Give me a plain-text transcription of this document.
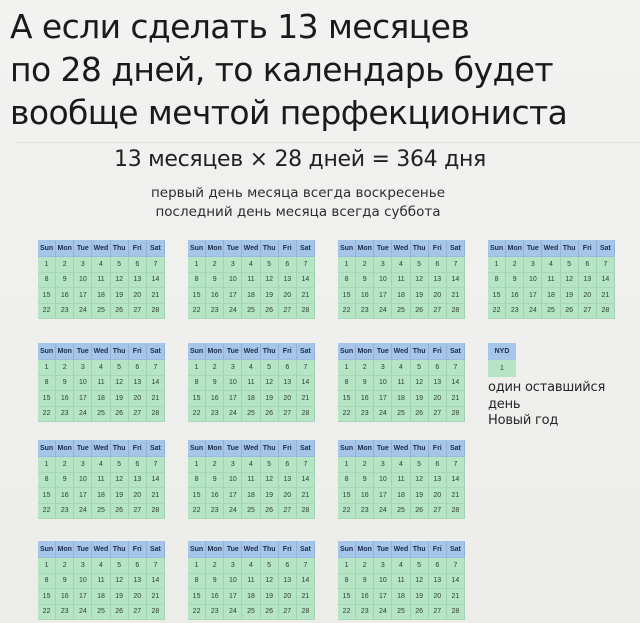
А если сделать 13 месяцев
по 28 дней, то календарь будет
вообще мечтой перфекциониста
13 месяцев × 28 дней = 364 дня
первый день месяца всегда воскресенье
последний день месяца всегда суббота
Sun Mon Tue Wed Thu	Fri	Sat
1	2	3	4	5	6	7
8	9	10	11	12	13	14
15	16	17	18	19	20	21
22	23	24	25	26	27	28
Sun Mon Tue Wed Thu	Fri	Sat
1	2	3	4	5	6	7
8	9	10	11	12	13	14
15	16	17	18	19	20	21
22	23	24	25	26	27	28
Sun Mon Tue Wed Thu	Fri	Sat
1	2	3	4	5	6	7
8	9	10	11	12	13	14
15	16	17	18	19	20	21
22	23	24	25	26	27	28
Sun Mon Tue Wed Thu	Fri	Sat
1	2	3	4	5	6	7
8	9	10	11	12	13	14
15	16	17	18	19	20	21
22	23	24	25	26	27	28
Sun Mon Tue Wed Thu	Fri	Sat
1	2	3	4	5	6	7
8	9	10	11	12	13	14
15	16	17	18	19	20	21
22	23	24	25	26	27	28
Sun Mon Tue Wed Thu	Fri	Sat
1	2	3	4	5	6	7
8	9	10	11	12	13	14
15	16	17	18	19	20	21
22	23	24	25	26	27	28
Sun Mon Tue Wed Thu	Fri	Sat
1	2	3	4	5	6	7
8	9	10	11	12	13	14
15	16	17	18	19	20	21
22	23	24	25	26	27	28
Sun Mon Tue Wed Thu	Fri	Sat
1	2	3	4	5	6	7
8	9	10	11	12	13	14
15	16	17	18	19	20	21
22	23	24	25	26	27	28
Sun Mon Tue Wed Thu	Fri	Sat
1	2	3	4	5	6	7
8	9	10	11	12	13	14
15	16	17	18	19	20	21
22	23	24	25	26	27	28
Sun Mon Tue Wed Thu	Fri	Sat
1	2	3	4	5	6	7
8	9	10	11	12	13	14
15	16	17	18	19	20	21
22	23	24	25	26	27	28
Sun Mon Tue Wed Thu	Fri	Sat
1	2	3	4	5	6	7
8	9	10	11	12	13	14
15	16	17	18	19	20	21
22	23	24	25	26	27	28
Sun Mon Tue Wed Thu	Fri	Sat
1	2	3	4	5	6	7
8	9	10	11	12	13	14
15	16	17	18	19	20	21
22	23	24	25	26	27	28
Sun Mon Tue Wed Thu	Fri	Sat
1	2	3	4	5	6	7
8	9	10	11	12	13	14
15	16	17	18	19	20	21
22	23	24	25	26	27	28
NYD
1
один оставшийся день
Новый год
